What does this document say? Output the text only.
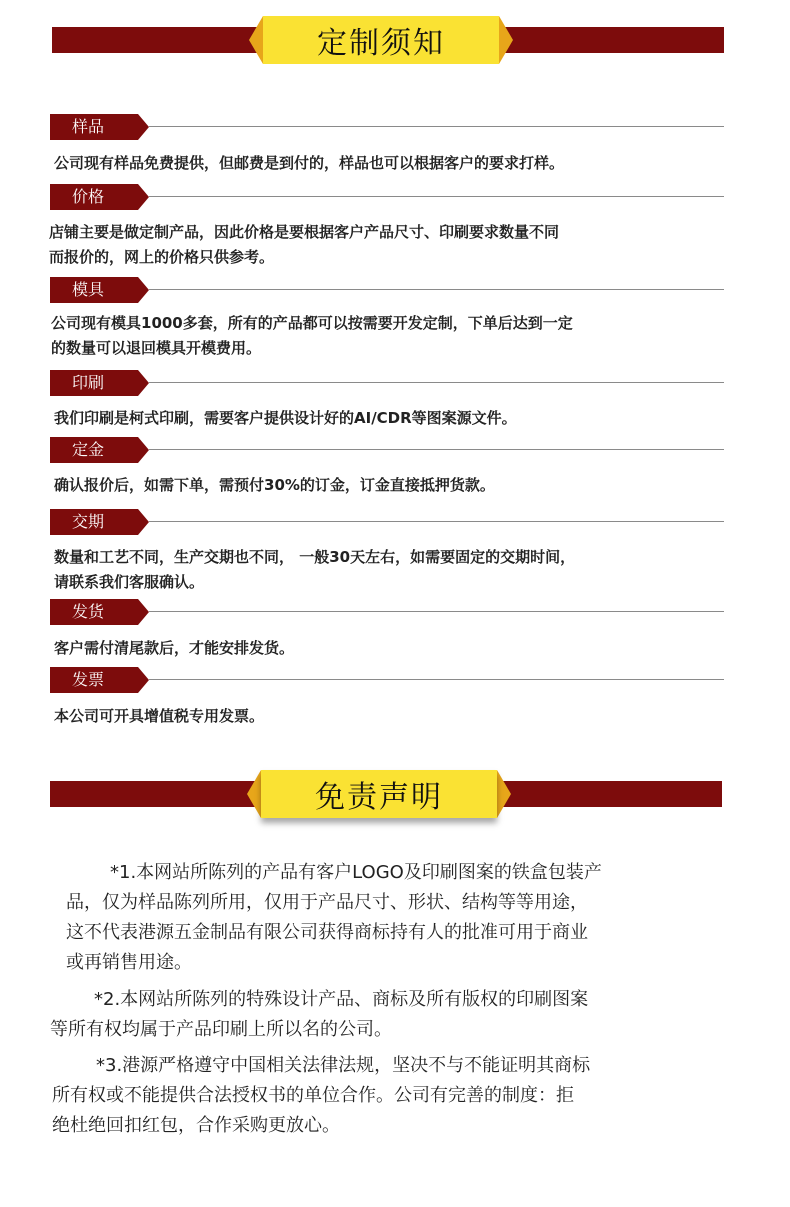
定制须知
样品

公司现有样品免费提供，但邮费是到付的，样品也可以根据客户的要求打样。

价格

店铺主要是做定制产品，因此价格是要根据客户产品尺寸、印刷要求数量不同
而报价的，网上的价格只供参考。

模具

公司现有模具1000多套，所有的产品都可以按需要开发定制，下单后达到一定
的数量可以退回模具开模费用。

印刷

我们印刷是柯式印刷，需要客户提供设计好的AI/CDR等图案源文件。

定金

确认报价后，如需下单，需预付30%的订金，订金直接抵押货款。

交期

数量和工艺不同，生产交期也不同， 一般30天左右，如需要固定的交期时间，
请联系我们客服确认。

发货

客户需付清尾款后，才能安排发货。

发票

本公司可开具增值税专用发票。

免责声明

*1.本网站所陈列的产品有客户LOGO及印刷图案的铁盒包装产
品，仅为样品陈列所用，仅用于产品尺寸、形状、结构等等用途，
这不代表港源五金制品有限公司获得商标持有人的批准可用于商业
或再销售用途。

*2.本网站所陈列的特殊设计产品、商标及所有版权的印刷图案
等所有权均属于产品印刷上所以名的公司。

*3.港源严格遵守中国相关法律法规，坚决不与不能证明其商标
所有权或不能提供合法授权书的单位合作。公司有完善的制度：拒
绝杜绝回扣红包，合作采购更放心。
